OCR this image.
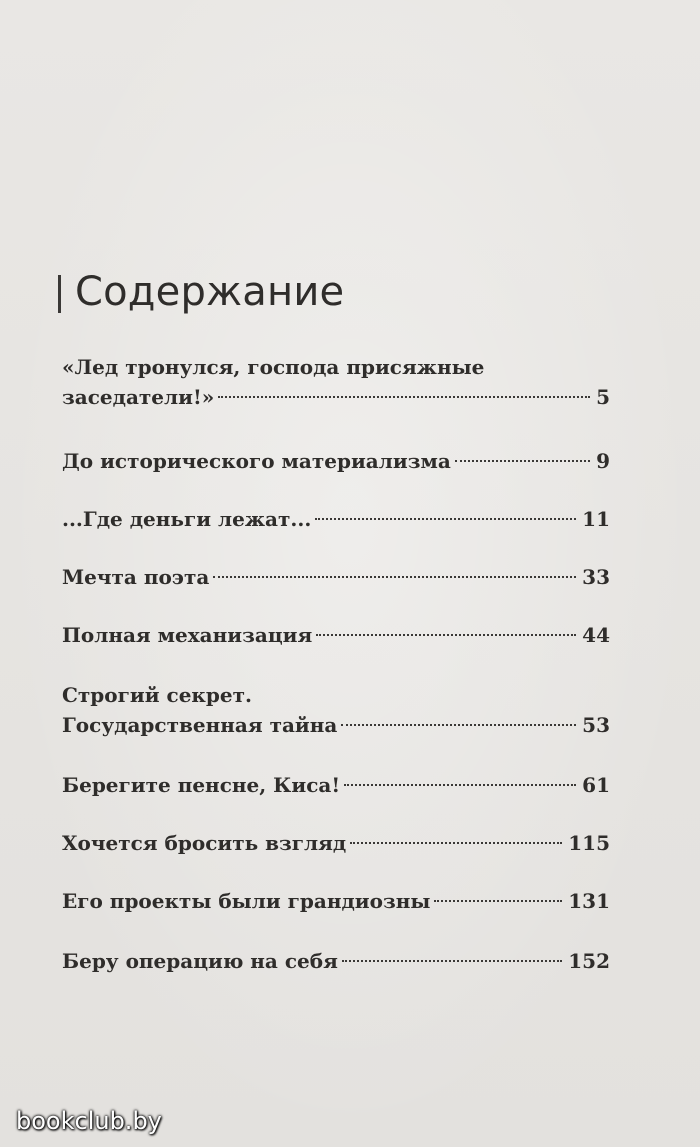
Содержание
«Лед тронулся, господа присяжные
заседатели!»	5
До исторического материализма	9
...Где деньги лежат...	11
Мечта поэта	33
Полная механизация	44
Строгий секрет.
Государственная тайна	53
Берегите пенсне, Киса!	61
Хочется бросить взгляд	115
Его проекты были грандиозны	131
Беру операцию на себя	152
bookclub.by
